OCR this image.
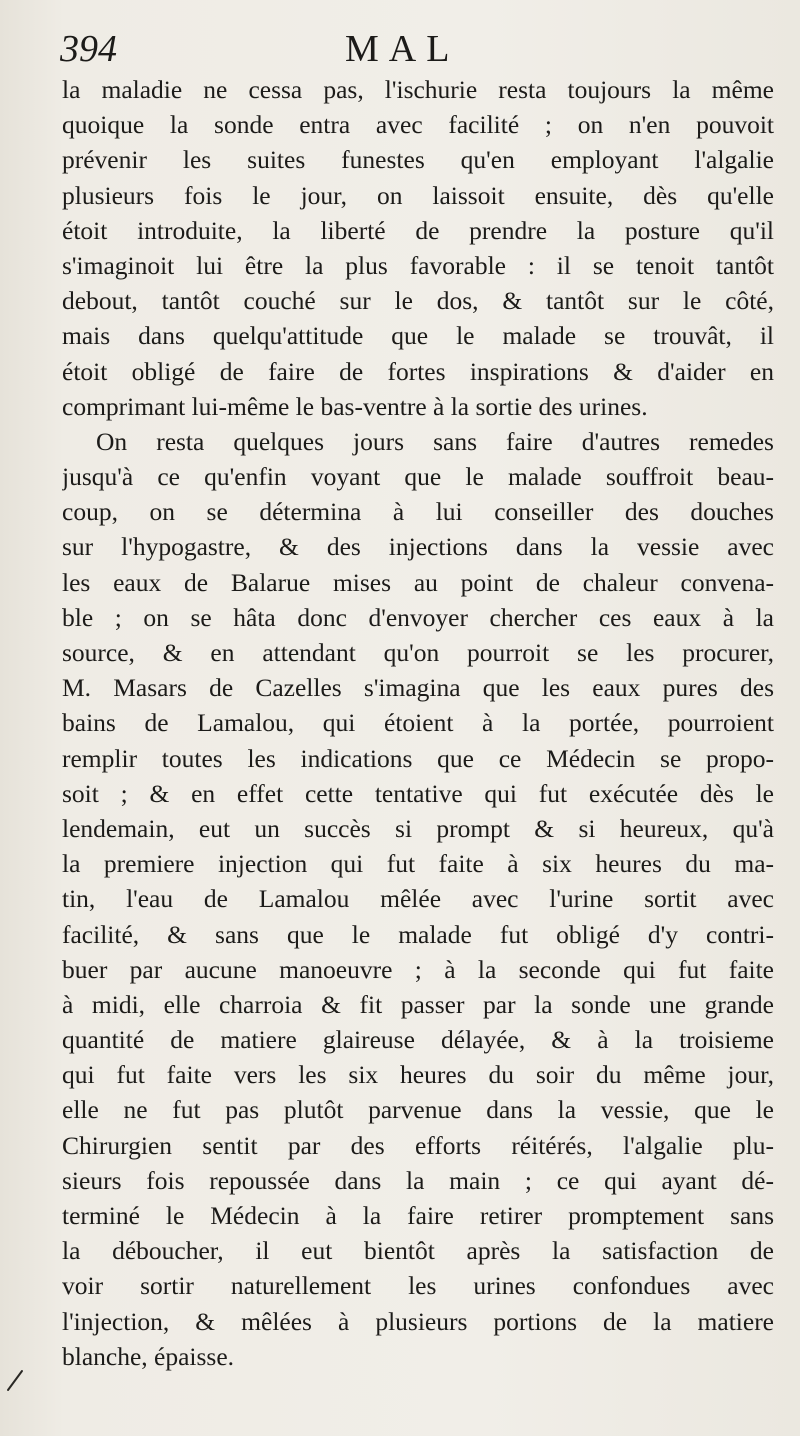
394	MAL
la maladie ne cessa pas, l'ischurie resta toujours la même
quoique la sonde entra avec facilité ; on n'en pouvoit
prévenir les suites funestes qu'en employant l'algalie
plusieurs fois le jour, on laissoit ensuite, dès qu'elle
étoit introduite, la liberté de prendre la posture qu'il
s'imaginoit lui être la plus favorable : il se tenoit tantôt
debout, tantôt couché sur le dos, & tantôt sur le côté,
mais dans quelqu'attitude que le malade se trouvât, il
étoit obligé de faire de fortes inspirations & d'aider en
comprimant lui-même le bas-ventre à la sortie des urines.
On resta quelques jours sans faire d'autres remedes
jusqu'à ce qu'enfin voyant que le malade souffroit beau-
coup, on se détermina à lui conseiller des douches
sur l'hypogastre, & des injections dans la vessie avec
les eaux de Balarue mises au point de chaleur convena-
ble ; on se hâta donc d'envoyer chercher ces eaux à la
source, & en attendant qu'on pourroit se les procurer,
M. Masars de Cazelles s'imagina que les eaux pures des
bains de Lamalou, qui étoient à la portée, pourroient
remplir toutes les indications que ce Médecin se propo-
soit ; & en effet cette tentative qui fut exécutée dès le
lendemain, eut un succès si prompt & si heureux, qu'à
la premiere injection qui fut faite à six heures du ma-
tin, l'eau de Lamalou mêlée avec l'urine sortit avec
facilité, & sans que le malade fut obligé d'y contri-
buer par aucune manoeuvre ; à la seconde qui fut faite
à midi, elle charroia & fit passer par la sonde une grande
quantité de matiere glaireuse délayée, & à la troisieme
qui fut faite vers les six heures du soir du même jour,
elle ne fut pas plutôt parvenue dans la vessie, que le
Chirurgien sentit par des efforts réitérés, l'algalie plu-
sieurs fois repoussée dans la main ; ce qui ayant dé-
terminé le Médecin à la faire retirer promptement sans
la déboucher, il eut bientôt après la satisfaction de
voir sortir naturellement les urines confondues avec
l'injection, & mêlées à plusieurs portions de la matiere
blanche, épaisse.
